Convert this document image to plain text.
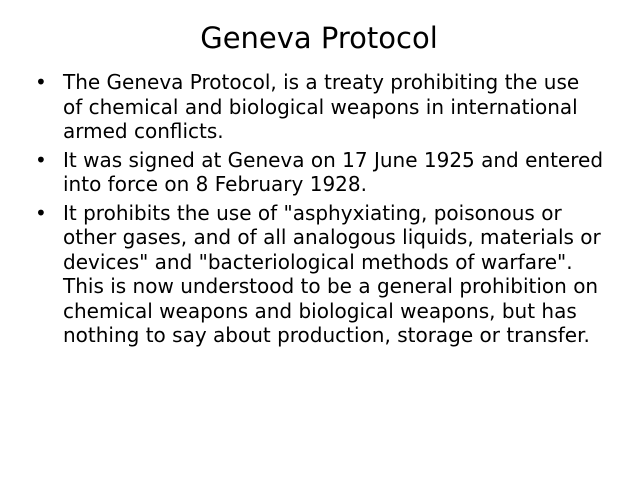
Geneva Protocol
• The Geneva Protocol, is a treaty prohibiting the use of chemical and biological weapons in international armed conflicts.
• It was signed at Geneva on 17 June 1925 and entered into force on 8 February 1928.
• It prohibits the use of "asphyxiating, poisonous or other gases, and of all analogous liquids, materials or devices" and "bacteriological methods of warfare". This is now understood to be a general prohibition on chemical weapons and biological weapons, but has nothing to say about production, storage or transfer.
